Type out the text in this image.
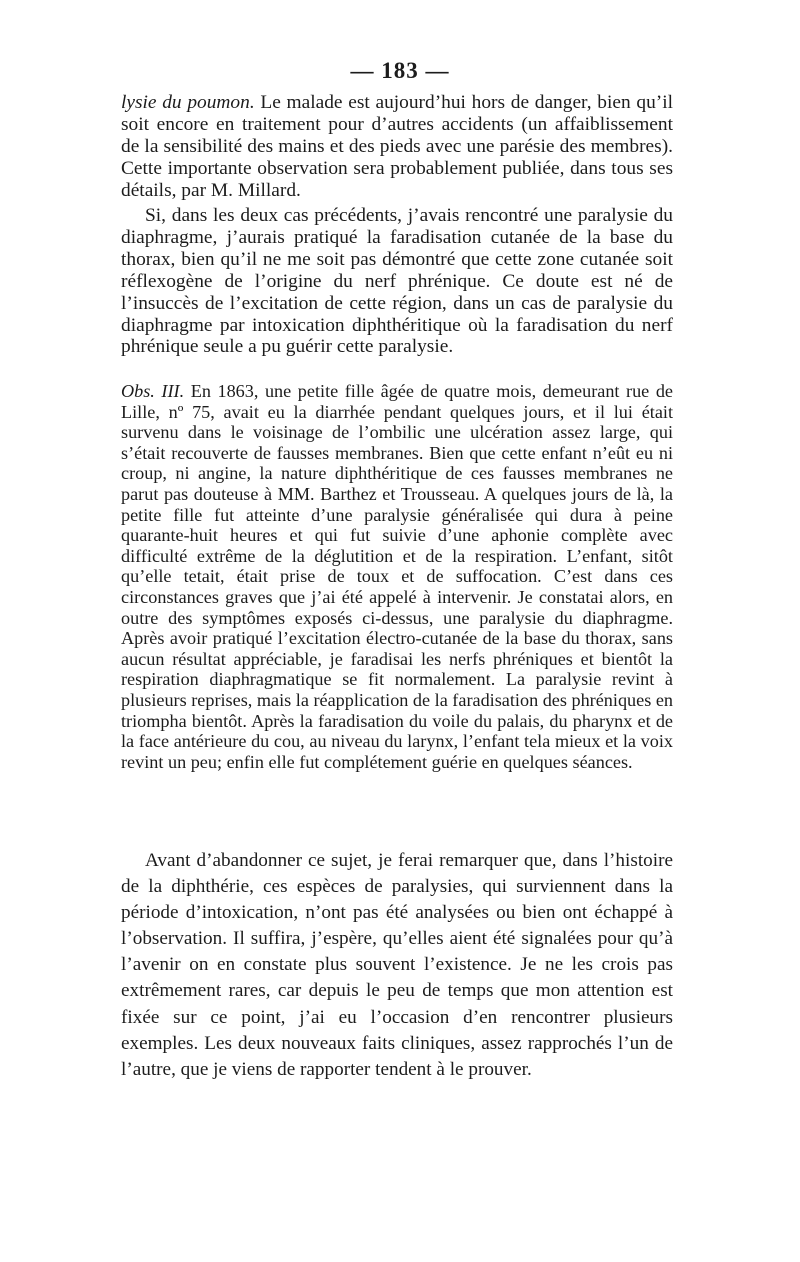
— 183 —
lysie du poumon. Le malade est aujourd’hui hors de danger, bien qu’il soit encore en traitement pour d’autres accidents (un affaiblissement de la sensibilité des mains et des pieds avec une parésie des membres). Cette importante observation sera probablement publiée, dans tous ses détails, par M. Millard.
Si, dans les deux cas précédents, j’avais rencontré une paralysie du diaphragme, j’aurais pratiqué la faradisation cutanée de la base du thorax, bien qu’il ne me soit pas démontré que cette zone cutanée soit réflexogène de l’origine du nerf phrénique. Ce doute est né de l’insuccès de l’excitation de cette région, dans un cas de paralysie du diaphragme par intoxication diphthéritique où la faradisation du nerf phrénique seule a pu guérir cette paralysie.
Obs. III. En 1863, une petite fille âgée de quatre mois, demeurant rue de Lille, nº 75, avait eu la diarrhée pendant quelques jours, et il lui était survenu dans le voisinage de l’ombilic une ulcération assez large, qui s’était recouverte de fausses membranes. Bien que cette enfant n’eût eu ni croup, ni angine, la nature diphthéritique de ces fausses membranes ne parut pas douteuse à MM. Barthez et Trousseau. A quelques jours de là, la petite fille fut atteinte d’une paralysie généralisée qui dura à peine quarante-huit heures et qui fut suivie d’une aphonie complète avec difficulté extrême de la déglutition et de la respiration. L’enfant, sitôt qu’elle tetait, était prise de toux et de suffocation. C’est dans ces circonstances graves que j’ai été appelé à intervenir. Je constatai alors, en outre des symptômes exposés ci-dessus, une paralysie du diaphragme. Après avoir pratiqué l’excitation électro-cutanée de la base du thorax, sans aucun résultat appréciable, je faradisai les nerfs phréniques et bientôt la respiration diaphragmatique se fit normalement. La paralysie revint à plusieurs reprises, mais la réapplication de la faradisation des phréniques en triompha bientôt. Après la faradisation du voile du palais, du pharynx et de la face antérieure du cou, au niveau du larynx, l’enfant tela mieux et la voix revint un peu; enfin elle fut complétement guérie en quelques séances.
Avant d’abandonner ce sujet, je ferai remarquer que, dans l’histoire de la diphthérie, ces espèces de paralysies, qui surviennent dans la période d’intoxication, n’ont pas été analysées ou bien ont échappé à l’observation. Il suffira, j’espère, qu’elles aient été signalées pour qu’à l’avenir on en constate plus souvent l’existence. Je ne les crois pas extrêmement rares, car depuis le peu de temps que mon attention est fixée sur ce point, j’ai eu l’occasion d’en rencontrer plusieurs exemples. Les deux nouveaux faits cliniques, assez rapprochés l’un de l’autre, que je viens de rapporter tendent à le prouver.
